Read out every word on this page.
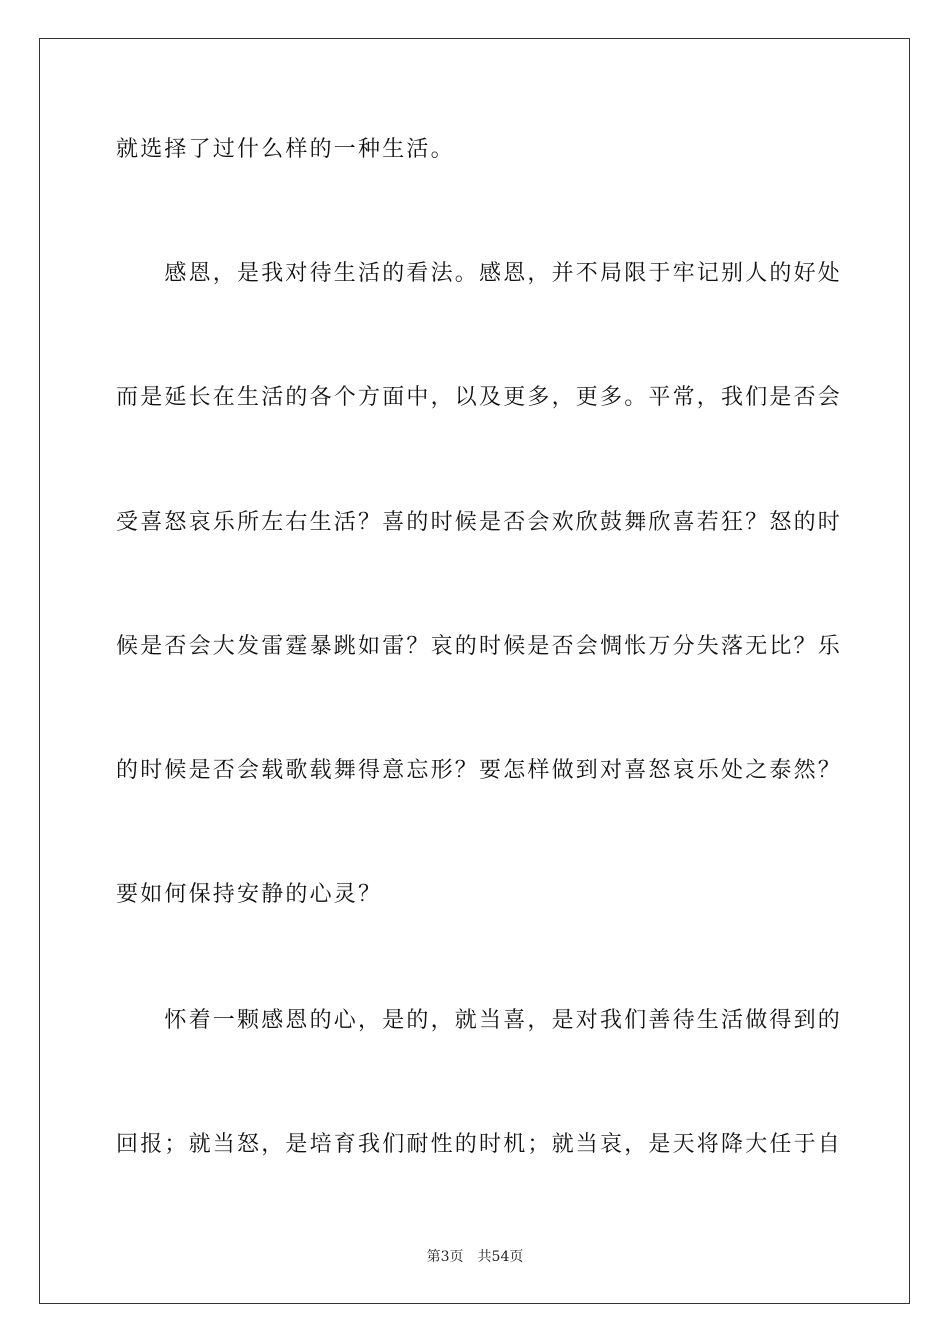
就选择了过什么样的一种生活。
　　感恩，是我对待生活的看法。感恩，并不局限于牢记别人的好处
而是延长在生活的各个方面中，以及更多，更多。平常，我们是否会
受喜怒哀乐所左右生活？喜的时候是否会欢欣鼓舞欣喜若狂？怒的时
候是否会大发雷霆暴跳如雷？哀的时候是否会惆怅万分失落无比？乐
的时候是否会载歌载舞得意忘形？要怎样做到对喜怒哀乐处之泰然？
要如何保持安静的心灵？
　　怀着一颗感恩的心，是的，就当喜，是对我们善待生活做得到的
回报；就当怒，是培育我们耐性的时机；就当哀，是天将降大任于自
第3页 共54页
